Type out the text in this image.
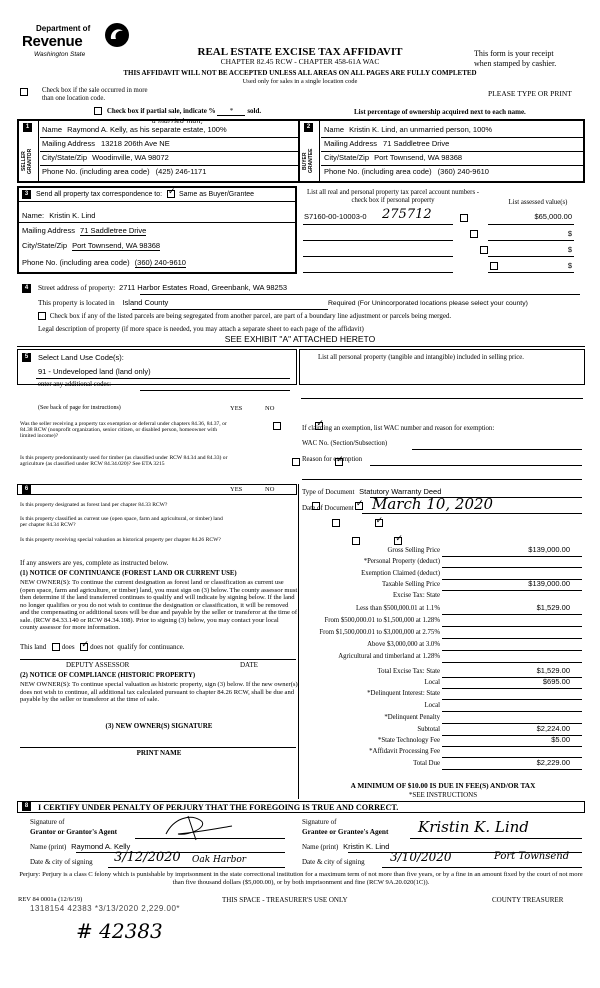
Department of
Revenue
Washington State	REAL ESTATE EXCISE TAX AFFIDAVIT
CHAPTER 82.45 RCW - CHAPTER 458-61A WAC
This form is your receipt
when stamped by cashier.
THIS AFFIDAVIT WILL NOT BE ACCEPTED UNLESS ALL AREAS ON ALL PAGES ARE FULLY COMPLETED
Used only for sales in a single location code
Check box if the sale occurred in more than one location code.
PLEASE TYPE OR PRINT
Check box if partial sale, indicate % * sold.	List percentage of ownership acquired next to each name.
1
SELLER GRANTOR
Name Raymond A. Kelly, as his separate estate, 100%
a married man,
Mailing Address 13218 206th Ave NE
City/State/Zip Woodinville, WA 98072
Phone No. (including area code) (425) 246-1171
2
BUYER GRANTEE
Name Kristin K. Lind, an unmarried person, 100%
Mailing Address 71 Saddletree Drive
City/State/Zip Port Townsend, WA 98368
Phone No. (including area code) (360) 240-9610
3	Send all property tax correspondence to: ✓ Same as Buyer/Grantee
Name: Kristin K. Lind
Mailing Address 71 Saddletree Drive
City/State/Zip Port Townsend, WA 98368
Phone No. (including area code) (360) 240-9610
List all real and personal property tax parcel account numbers - check box if personal property	List assessed value(s)
S7160-00-10003-0 275712
	$65,000.00
$
$
$
4	Street address of property: 2711 Harbor Estates Road, Greenbank, WA 98253
This property is located in Island County	Required (For Unincorporated locations please select your county)
Check box if any of the listed parcels are being segregated from another parcel, are part of a boundary line adjustment or parcels being merged.
Legal description of property (if more space is needed, you may attach a separate sheet to each page of the affidavit)
SEE EXHIBIT "A" ATTACHED HERETO
5	Select Land Use Code(s):
91 - Undeveloped land (land only)
enter any additional codes:
List all personal property (tangible and intangible) included in selling price.
(See back of page for instructions)	YES	NO
Was the seller receiving a property tax exemption or deferral under chapters 84.36, 84.37, or 84.38 RCW (nonprofit organization, senior citizen, or disabled person, homeowner with limited income)?
✓
Is this property predominantly used for timber (as classified under RCW 84.34 and 84.33) or agriculture (as classified under RCW 84.34.020)? See ETA 3215
✓
If claiming an exemption, list WAC number and reason for exemption:
WAC No. (Section/Subsection)
Reason for exemption
6	YES	NO
Is this property designated as forest land per chapter 84.33 RCW?
✓
Is this property classified as current use (open space, farm and agricultural, or timber) land per chapter 84.34 RCW?
✓
Is this property receiving special valuation as historical property per chapter 84.26 RCW?
✓
If any answers are yes, complete as instructed below.
(1) NOTICE OF CONTINUANCE (FOREST LAND OR CURRENT USE)
NEW OWNER(S): To continue the current designation as forest land or classification as current use (open space, farm and agriculture, or timber) land, you must sign on (3) below. The county assessor must then determine if the land transferred continues to qualify and will indicate by signing below. If the land no longer qualifies or you do not wish to continue the designation or classification, it will be removed and the compensating or additional taxes will be due and payable by the seller or transferor at the time of sale. (RCW 84.33.140 or RCW 84.34.108). Prior to signing (3) below, you may contact your local county assessor for more information.
This land does ✓ does not qualify for continuance.
DEPUTY ASSESSOR	DATE
(2) NOTICE OF COMPLIANCE (HISTORIC PROPERTY)
NEW OWNER(S): To continue special valuation as historic property, sign (3) below. If the new owner(s) does not wish to continue, all additional tax calculated pursuant to chapter 84.26 RCW, shall be due and payable by the seller or transferor at the time of sale.
(3) NEW OWNER(S) SIGNATURE
PRINT NAME
Type of Document Statutory Warranty Deed
Date of Document March 10, 2020
Gross Selling Price	$139,000.00
*Personal Property (deduct)
Exemption Claimed (deduct)
Taxable Selling Price	$139,000.00
Excise Tax: State
Less than $500,000.01 at 1.1%	$1,529.00
From $500,000.01 to $1,500,000 at 1.28%
From $1,500,000.01 to $3,000,000 at 2.75%
Above $3,000,000 at 3.0%
Agricultural and timberland at 1.28%
Total Excise Tax: State	$1,529.00
Local	$695.00
*Delinquent Interest: State
Local
*Delinquent Penalty
Subtotal	$2,224.00
*State Technology Fee	$5.00
*Affidavit Processing Fee
Total Due	$2,229.00
A MINIMUM OF $10.00 IS DUE IN FEE(S) AND/OR TAX
*SEE INSTRUCTIONS
8	I CERTIFY UNDER PENALTY OF PERJURY THAT THE FOREGOING IS TRUE AND CORRECT.
Signature of
Grantor or Grantor's Agent
Name (print) Raymond A. Kelly
Date & city of signing 3/12/2020 Oak Harbor
Signature of
Grantee or Grantee's Agent Kristin K. Lind
Name (print) Kristin K. Lind
Date & city of signing 3/10/2020	Port Townsend
Perjury: Perjury is a class C felony which is punishable by imprisonment in the state correctional institution for a maximum term of not more than five years, or by a fine in an amount fixed by the court of not more than five thousand dollars ($5,000.00), or by both imprisonment and fine (RCW 9A.20.020(1C)).
REV 84 0001a (12/6/19)	THIS SPACE - TREASURER'S USE ONLY	COUNTY TREASURER
1318154 42383 *3/13/2020 2,229.00*
# 42383
